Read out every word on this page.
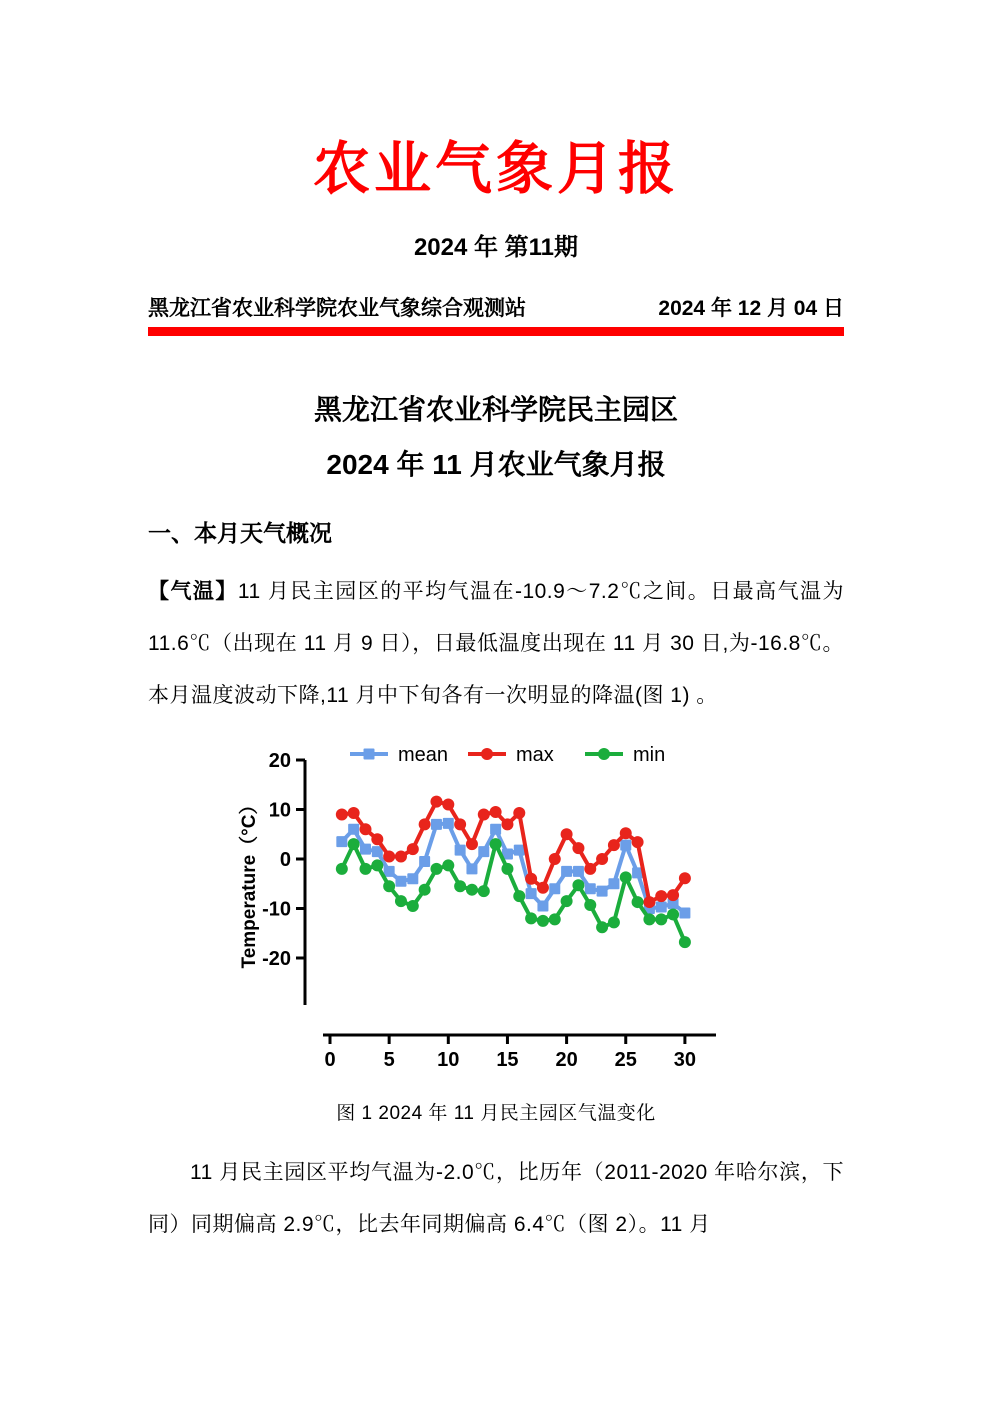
农业气象月报
2024 年 第11期
黑龙江省农业科学院农业气象综合观测站	2024 年 12 月 04 日
黑龙江省农业科学院民主园区
2024 年 11 月农业气象月报
一、本月天气概况

【气温】11 月民主园区的平均气温在-10.9～7.2℃之间。日最高气温为 11.6℃（出现在 11 月 9 日），日最低温度出现在 11 月 30 日,为-16.8℃。本月温度波动下降,11 月中下旬各有一次明显的降温(图 1) 。

20
10
0
-10
-20
Temperature（°C）
0 5 10 15 20 25 30
mean	max	min
图 1 2024 年 11 月民主园区气温变化

11 月民主园区平均气温为-2.0℃，比历年（2011-2020 年哈尔滨，下同）同期偏高 2.9℃，比去年同期偏高 6.4℃（图 2）。11 月
